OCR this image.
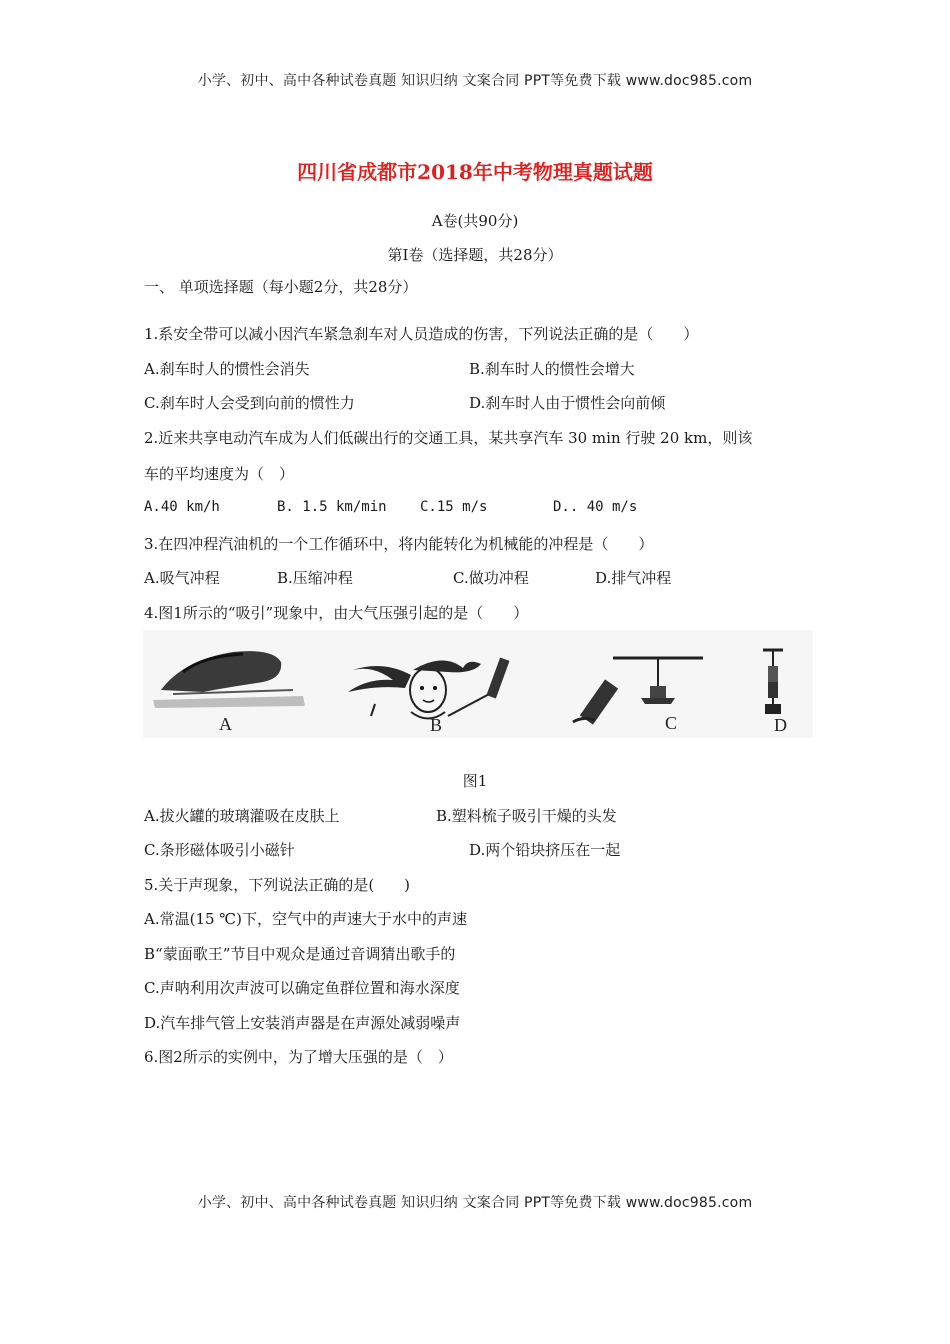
小学、初中、高中各种试卷真题 知识归纳 文案合同 PPT等免费下载 www.doc985.com
四川省成都市2018年中考物理真题试题
A卷(共90分)
第Ⅰ卷（选择题，共28分）
一、 单项选择题（每小题2分，共28分）
1.系安全带可以减小因汽车紧急刹车对人员造成的伤害，下列说法正确的是（　　）
A.刹车时人的惯性会消失	B.刹车时人的惯性会增大
C.刹车时人会受到向前的惯性力	D.刹车时人由于惯性会向前倾
2.近来共享电动汽车成为人们低碳出行的交通工具，某共享汽车 30 min 行驶 20 km，则该
车的平均速度为（　）
A.40 km/h	B. 1.5 km/min C.15 m/s	D.. 40 m/s
3.在四冲程汽油机的一个工作循环中，将内能转化为机械能的冲程是（　　）
A.吸气冲程	B.压缩冲程	C.做功冲程	D.排气冲程
4.图1所示的“吸引”现象中，由大气压强引起的是（　　）
A	B	C	D
图1
A.拔火罐的玻璃灌吸在皮肤上	B.塑料梳子吸引干燥的头发
C.条形磁体吸引小磁针	D.两个铅块挤压在一起
5.关于声现象，下列说法正确的是(　　)
A.常温(15 ℃)下，空气中的声速大于水中的声速
B“蒙面歌王”节目中观众是通过音调猜出歌手的
C.声呐利用次声波可以确定鱼群位置和海水深度
D.汽车排气管上安装消声器是在声源处减弱噪声
6.图2所示的实例中，为了增大压强的是（　）
小学、初中、高中各种试卷真题 知识归纳 文案合同 PPT等免费下载 www.doc985.com
